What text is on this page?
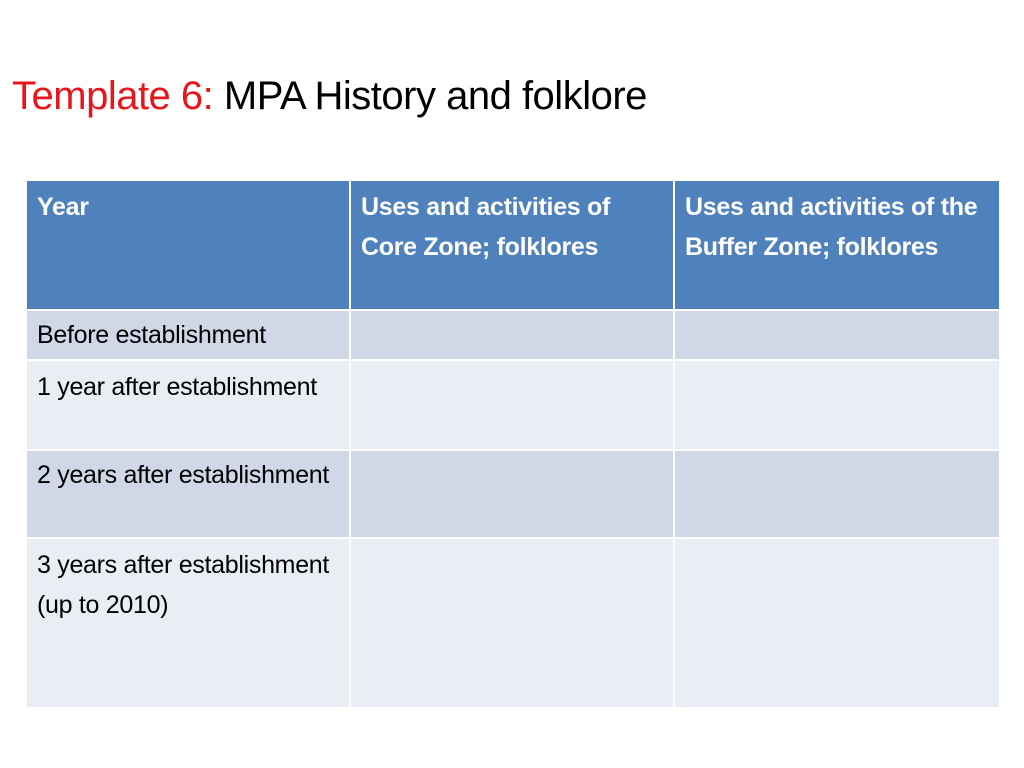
Template 6: MPA History and folklore
Year	Uses and activities of Core Zone; folklores	Uses and activities of the Buffer Zone; folklores
Before establishment		
1 year after establishment		
2 years after establishment		
3 years after establishment (up to 2010)		
